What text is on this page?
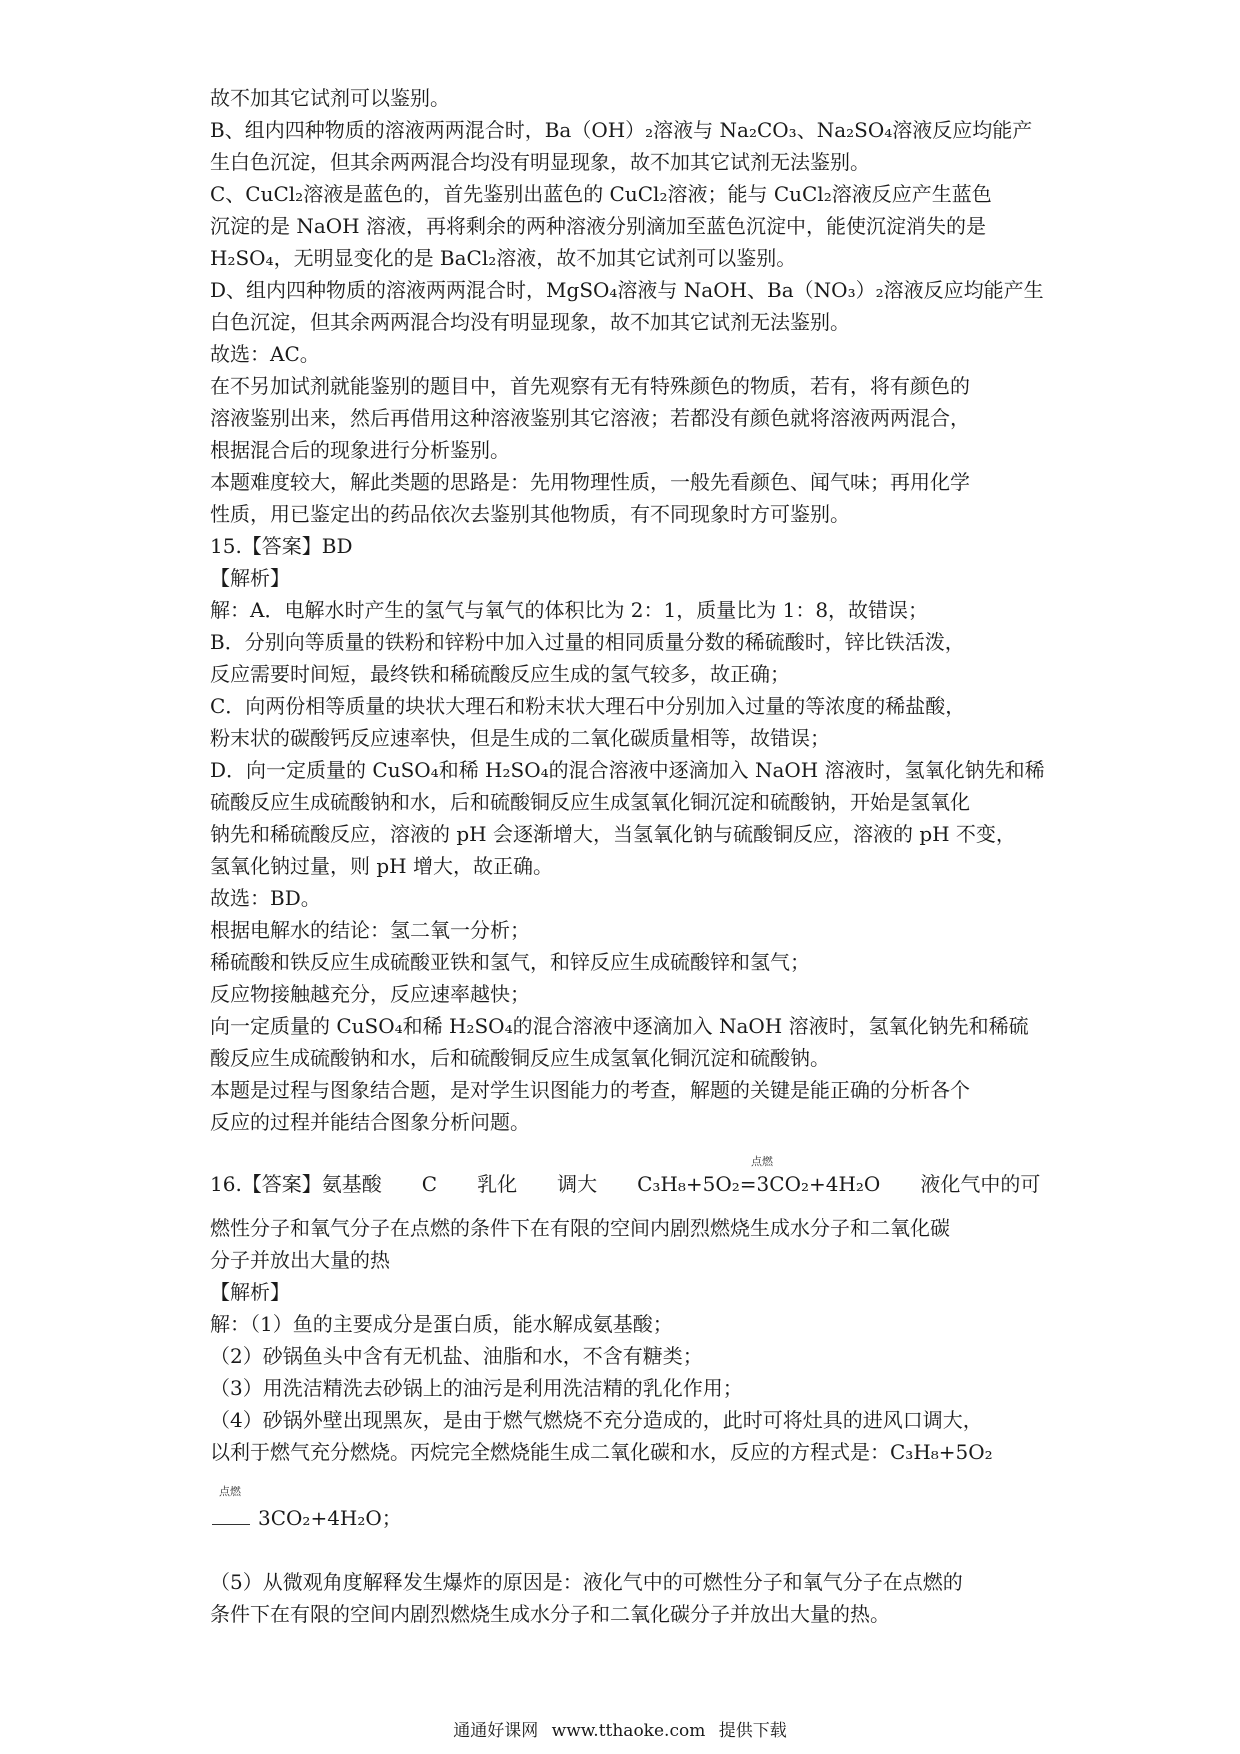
故不加其它试剂可以鉴别。
B、组内四种物质的溶液两两混合时，Ba（OH）₂溶液与 Na₂CO₃、Na₂SO₄溶液反应均能产
生白色沉淀，但其余两两混合均没有明显现象，故不加其它试剂无法鉴别。
C、CuCl₂溶液是蓝色的，首先鉴别出蓝色的 CuCl₂溶液；能与 CuCl₂溶液反应产生蓝色
沉淀的是 NaOH 溶液，再将剩余的两种溶液分别滴加至蓝色沉淀中，能使沉淀消失的是
H₂SO₄，无明显变化的是 BaCl₂溶液，故不加其它试剂可以鉴别。
D、组内四种物质的溶液两两混合时，MgSO₄溶液与 NaOH、Ba（NO₃）₂溶液反应均能产生
白色沉淀，但其余两两混合均没有明显现象，故不加其它试剂无法鉴别。
故选：AC。
在不另加试剂就能鉴别的题目中，首先观察有无有特殊颜色的物质，若有，将有颜色的
溶液鉴别出来，然后再借用这种溶液鉴别其它溶液；若都没有颜色就将溶液两两混合，
根据混合后的现象进行分析鉴别。
本题难度较大，解此类题的思路是：先用物理性质，一般先看颜色、闻气味；再用化学
性质，用已鉴定出的药品依次去鉴别其他物质，有不同现象时方可鉴别。
15.【答案】BD
【解析】
解：A．电解水时产生的氢气与氧气的体积比为 2：1，质量比为 1：8，故错误；
B．分别向等质量的铁粉和锌粉中加入过量的相同质量分数的稀硫酸时，锌比铁活泼，
反应需要时间短，最终铁和稀硫酸反应生成的氢气较多，故正确；
C．向两份相等质量的块状大理石和粉末状大理石中分别加入过量的等浓度的稀盐酸，
粉末状的碳酸钙反应速率快，但是生成的二氧化碳质量相等，故错误；
D．向一定质量的 CuSO₄和稀 H₂SO₄的混合溶液中逐滴加入 NaOH 溶液时，氢氧化钠先和稀
硫酸反应生成硫酸钠和水，后和硫酸铜反应生成氢氧化铜沉淀和硫酸钠，开始是氢氧化
钠先和稀硫酸反应，溶液的 pH 会逐渐增大，当氢氧化钠与硫酸铜反应，溶液的 pH 不变，
氢氧化钠过量，则 pH 增大，故正确。
故选：BD。
根据电解水的结论：氢二氧一分析；
稀硫酸和铁反应生成硫酸亚铁和氢气，和锌反应生成硫酸锌和氢气；
反应物接触越充分，反应速率越快；
向一定质量的 CuSO₄和稀 H₂SO₄的混合溶液中逐滴加入 NaOH 溶液时，氢氧化钠先和稀硫
酸反应生成硫酸钠和水，后和硫酸铜反应生成氢氧化铜沉淀和硫酸钠。
本题是过程与图象结合题，是对学生识图能力的考查，解题的关键是能正确的分析各个
反应的过程并能结合图象分析问题。
点燃
16.【答案】氨基酸　　C　　乳化　　调大　　C₃H₈+5O₂=3CO₂+4H₂O　　液化气中的可
燃性分子和氧气分子在点燃的条件下在有限的空间内剧烈燃烧生成水分子和二氧化碳
分子并放出大量的热
【解析】
解：（1）鱼的主要成分是蛋白质，能水解成氨基酸；
（2）砂锅鱼头中含有无机盐、油脂和水，不含有糖类；
（3）用洗洁精洗去砂锅上的油污是利用洗洁精的乳化作用；
（4）砂锅外壁出现黑灰，是由于燃气燃烧不充分造成的，此时可将灶具的进风口调大，
以利于燃气充分燃烧。丙烷完全燃烧能生成二氧化碳和水，反应的方程式是：C₃H₈+5O₂
点燃
3CO₂+4H₂O；
（5）从微观角度解释发生爆炸的原因是：液化气中的可燃性分子和氧气分子在点燃的
条件下在有限的空间内剧烈燃烧生成水分子和二氧化碳分子并放出大量的热。
通通好课网 www.tthaoke.com 提供下载
